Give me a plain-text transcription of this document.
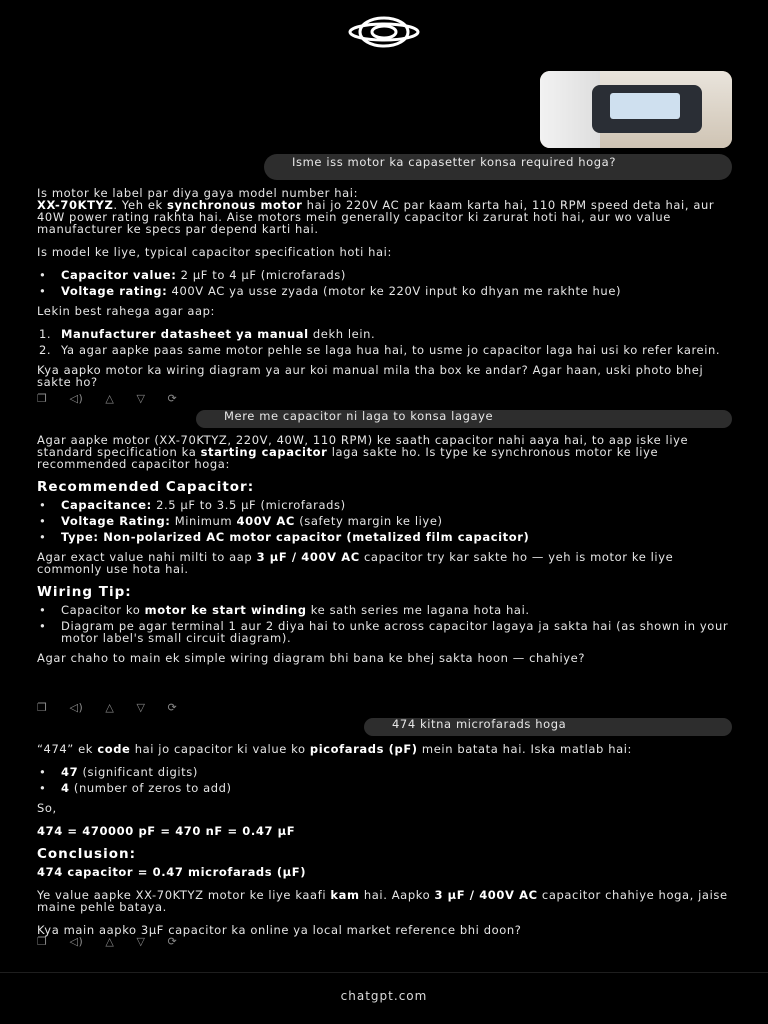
Isme iss motor ka capasetter konsa required hoga?

Is motor ke label par diya gaya model number hai:
XX-70KTYZ. Yeh ek synchronous motor hai jo 220V AC par kaam karta hai, 110 RPM speed deta hai, aur 40W power rating rakhta hai. Aise motors mein generally capacitor ki zarurat hoti hai, aur wo value manufacturer ke specs par depend karti hai.

Is model ke liye, typical capacitor specification hoti hai:

• Capacitor value: 2 µF to 4 µF (microfarads)
• Voltage rating: 400V AC ya usse zyada (motor ke 220V input ko dhyan me rakhte hue)

Lekin best rahega agar aap:

1. Manufacturer datasheet ya manual dekh lein.
2. Ya agar aapke paas same motor pehle se laga hua hai, to usme jo capacitor laga hai usi ko refer karein.

Kya aapko motor ka wiring diagram ya aur koi manual mila tha box ke andar? Agar haan, uski photo bhej sakte ho?

❐ ◁) △ ▽ ⟳
Mere me capacitor ni laga to konsa lagaye

Agar aapke motor (XX-70KTYZ, 220V, 40W, 110 RPM) ke saath capacitor nahi aaya hai, to aap iske liye standard specification ka starting capacitor laga sakte ho. Is type ke synchronous motor ke liye recommended capacitor hoga:

Recommended Capacitor:
• Capacitance: 2.5 µF to 3.5 µF (microfarads)
• Voltage Rating: Minimum 400V AC (safety margin ke liye)
• Type: Non-polarized AC motor capacitor (metalized film capacitor)

Agar exact value nahi milti to aap 3 µF / 400V AC capacitor try kar sakte ho — yeh is motor ke liye commonly use hota hai.

Wiring Tip:
• Capacitor ko motor ke start winding ke sath series me lagana hota hai.
• Diagram pe agar terminal 1 aur 2 diya hai to unke across capacitor lagaya ja sakta hai (as shown in your motor label's small circuit diagram).

Agar chaho to main ek simple wiring diagram bhi bana ke bhej sakta hoon — chahiye?

❐ ◁) △ ▽ ⟳
474 kitna microfarads hoga

“474” ek code hai jo capacitor ki value ko picofarads (pF) mein batata hai. Iska matlab hai:

• 47 (significant digits)
• 4 (number of zeros to add)

So,

474 = 470000 pF = 470 nF = 0.47 µF

Conclusion:

474 capacitor = 0.47 microfarads (µF)

Ye value aapke XX-70KTYZ motor ke liye kaafi kam hai. Aapko 3 µF / 400V AC capacitor chahiye hoga, jaise maine pehle bataya.

Kya main aapko 3µF capacitor ka online ya local market reference bhi doon?

❐ ◁) △ ▽ ⟳
chatgpt.com
